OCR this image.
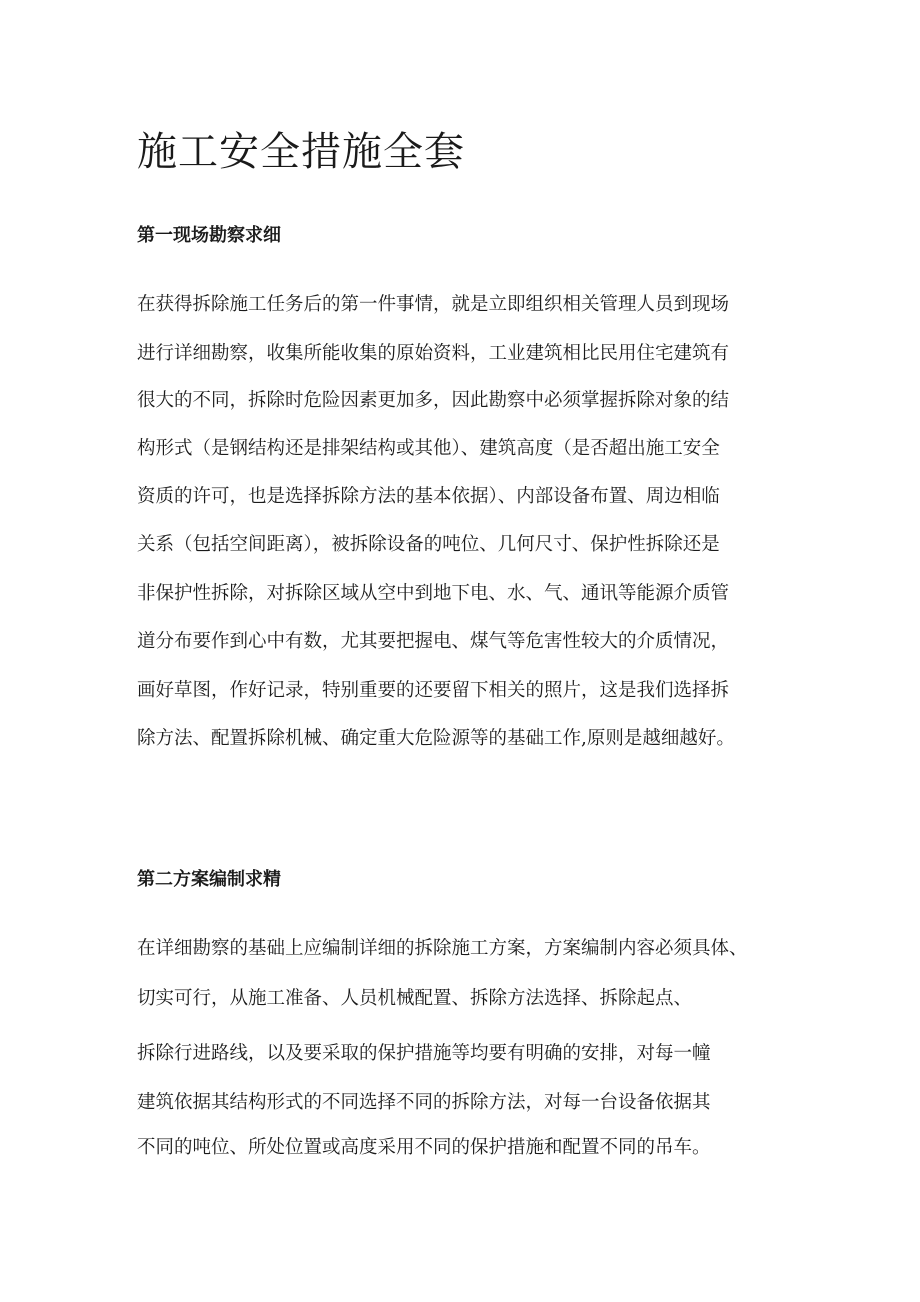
施工安全措施全套
第一现场勘察求细

在获得拆除施工任务后的第一件事情，就是立即组织相关管理人员到现场

进行详细勘察，收集所能收集的原始资料，工业建筑相比民用住宅建筑有

很大的不同，拆除时危险因素更加多，因此勘察中必须掌握拆除对象的结

构形式（是钢结构还是排架结构或其他）、建筑高度（是否超出施工安全

资质的许可，也是选择拆除方法的基本依据）、内部设备布置、周边相临

关系（包括空间距离），被拆除设备的吨位、几何尺寸、保护性拆除还是

非保护性拆除，对拆除区域从空中到地下电、水、气、通讯等能源介质管

道分布要作到心中有数，尤其要把握电、煤气等危害性较大的介质情况，

画好草图，作好记录，特别重要的还要留下相关的照片，这是我们选择拆

除方法、配置拆除机械、确定重大危险源等的基础工作,原则是越细越好。

第二方案编制求精

在详细勘察的基础上应编制详细的拆除施工方案，方案编制内容必须具体、

切实可行，从施工准备、人员机械配置、拆除方法选择、拆除起点、

拆除行进路线，以及要采取的保护措施等均要有明确的安排，对每一幢

建筑依据其结构形式的不同选择不同的拆除方法，对每一台设备依据其

不同的吨位、所处位置或高度采用不同的保护措施和配置不同的吊车。
